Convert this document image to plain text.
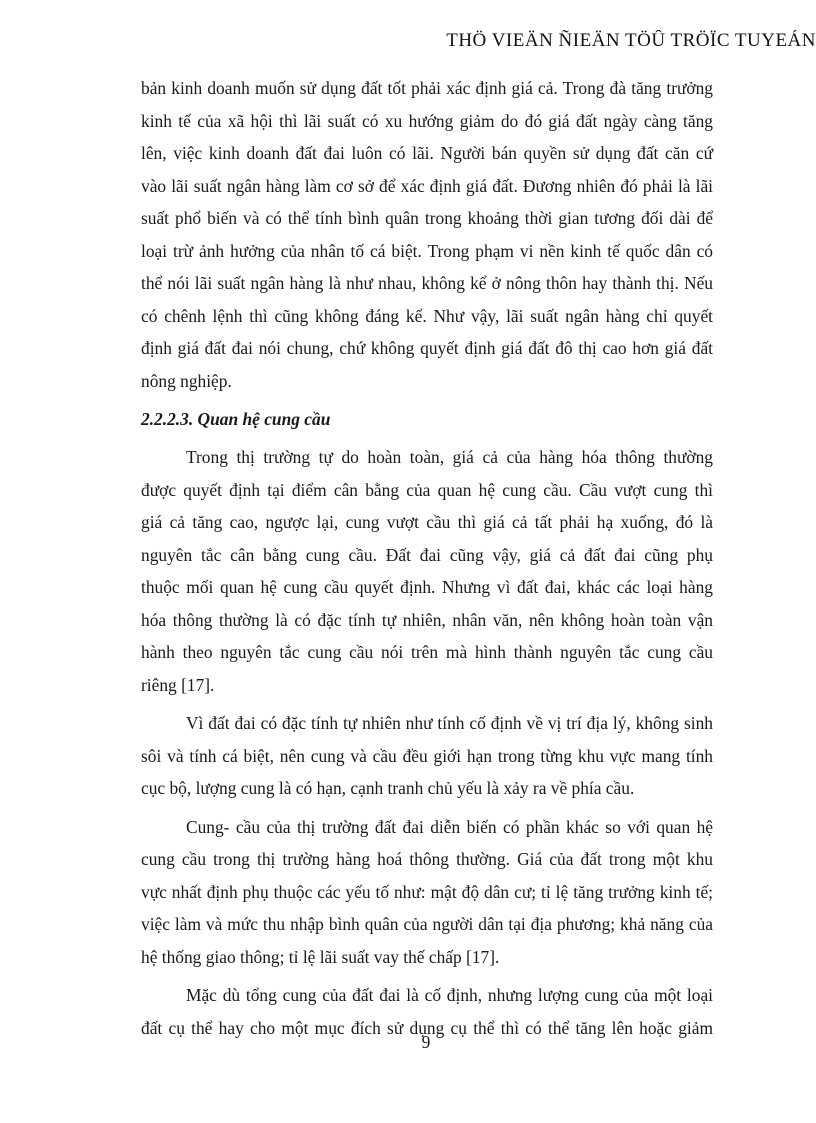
THÖ VIEÄN ÑIEÄN TÖÛ TRÖÏC TUYEÁN
bản kinh doanh muốn sử dụng đất tốt phải xác định giá cả. Trong đà tăng trưởng
kinh tế của xã hội thì lãi suất có xu hướng giảm do đó giá đất ngày càng tăng
lên, việc kinh doanh đất đai luôn có lãi. Người bán quyền sử dụng đất căn cứ
vào lãi suất ngân hàng làm cơ sở để xác định giá đất. Đương nhiên đó phải là lãi
suất phổ biến và có thể tính bình quân trong khoảng thời gian tương đối dài để
loại trừ ảnh hưởng của nhân tố cá biệt. Trong phạm vi nền kinh tế quốc dân có
thể nói lãi suất ngân hàng là như nhau, không kể ở nông thôn hay thành thị. Nếu
có chênh lệnh thì cũng không đáng kể. Như vậy, lãi suất ngân hàng chỉ quyết
định giá đất đai nói chung, chứ không quyết định giá đất đô thị cao hơn giá đất
nông nghiệp.
2.2.2.3. Quan hệ cung cầu
Trong thị trường tự do hoàn toàn, giá cả của hàng hóa thông thường
được quyết định tại điểm cân bằng của quan hệ cung cầu. Cầu vượt cung thì
giá cả tăng cao, ngược lại, cung vượt cầu thì giá cả tất phải hạ xuống, đó là
nguyên tắc cân bằng cung cầu. Đất đai cũng vậy, giá cả đất đai cũng phụ
thuộc mối quan hệ cung cầu quyết định. Nhưng vì đất đai, khác các loại hàng
hóa thông thường là có đặc tính tự nhiên, nhân văn, nên không hoàn toàn vận
hành theo nguyên tắc cung cầu nói trên mà hình thành nguyên tắc cung cầu
riêng [17].
Vì đất đai có đặc tính tự nhiên như tính cố định về vị trí địa lý, không sinh
sôi và tính cá biệt, nên cung và cầu đều giới hạn trong từng khu vực mang tính
cục bộ, lượng cung là có hạn, cạnh tranh chủ yếu là xảy ra về phía cầu.
Cung- cầu của thị trường đất đai diễn biến có phần khác so với quan hệ
cung cầu trong thị trường hàng hoá thông thường. Giá của đất trong một khu
vực nhất định phụ thuộc các yếu tố như: mật độ dân cư; tỉ lệ tăng trưởng kinh tế;
việc làm và mức thu nhập bình quân của người dân tại địa phương; khả năng của
hệ thống giao thông; tỉ lệ lãi suất vay thế chấp [17].
Mặc dù tổng cung của đất đai là cố định, nhưng lượng cung của một loại
đất cụ thể hay cho một mục đích sử dụng cụ thể thì có thể tăng lên hoặc giảm
9
